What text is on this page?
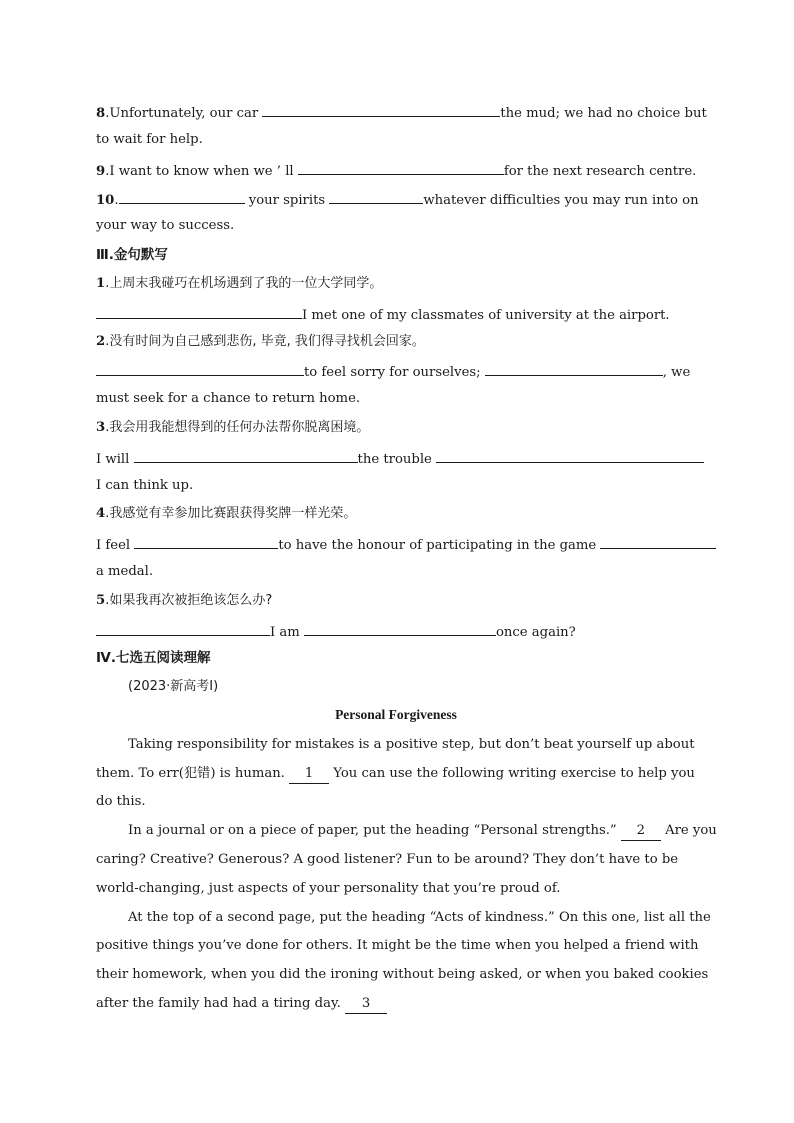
8.Unfortunately, our car	the mud; we had no choice but
to wait for help.
9.I want to know when we ’ ll	for the next research centre.
10.	your spirits	whatever difficulties you may run into on
your way to success.
Ⅲ.金句默写
1.上周末我碰巧在机场遇到了我的一位大学同学。
I met one of my classmates of university at the airport.
2.没有时间为自己感到悲伤, 毕竟, 我们得寻找机会回家。
to feel sorry for ourselves;	, we
must seek for a chance to return home.
3.我会用我能想得到的任何办法帮你脱离困境。
I will	the trouble
I can think up.
4.我感觉有幸参加比赛跟获得奖牌一样光荣。
I feel	to have the honour of participating in the game
a medal.
5.如果我再次被拒绝该怎么办?
I am	once again?
Ⅳ.七选五阅读理解
(2023·新高考Ⅰ)
Personal Forgiveness
Taking responsibility for mistakes is a positive step, but don’t beat yourself up about
them. To err(犯错) is human. 1 You can use the following writing exercise to help you
do this.
In a journal or on a piece of paper, put the heading “Personal strengths.” 2 Are you
caring? Creative? Generous? A good listener? Fun to be around? They don’t have to be
world-changing, just aspects of your personality that you’re proud of.
At the top of a second page, put the heading “Acts of kindness.” On this one, list all the
positive things you’ve done for others. It might be the time when you helped a friend with
their homework, when you did the ironing without being asked, or when you baked cookies
after the family had had a tiring day. 3
